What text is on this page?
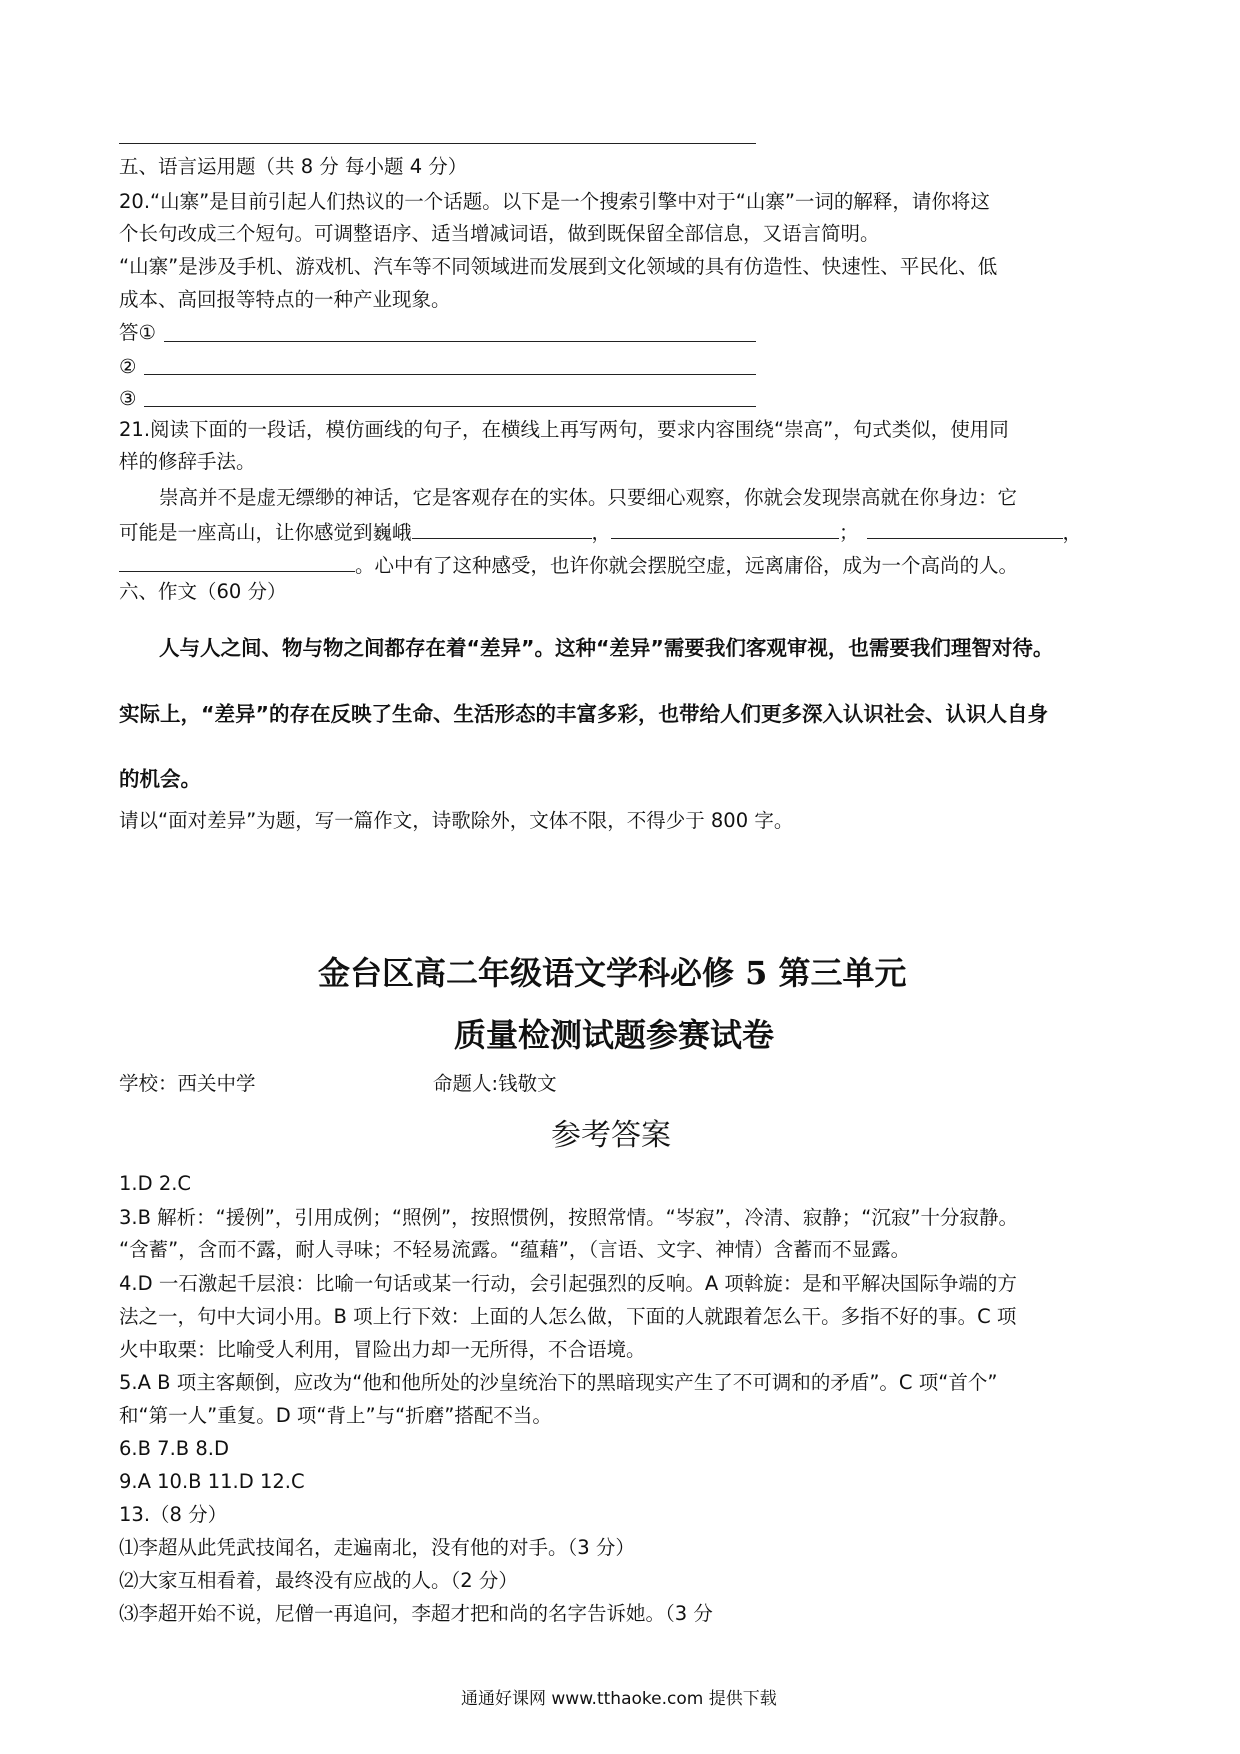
五、语言运用题（共 8 分 每小题 4 分）
20.“山寨”是目前引起人们热议的一个话题。以下是一个搜索引擎中对于“山寨”一词的解释，请你将这
个长句改成三个短句。可调整语序、适当增减词语，做到既保留全部信息，又语言简明。
“山寨”是涉及手机、游戏机、汽车等不同领域进而发展到文化领域的具有仿造性、快速性、平民化、低
成本、高回报等特点的一种产业现象。
答①
②
③
21.阅读下面的一段话，模仿画线的句子，在横线上再写两句，要求内容围绕“崇高”，句式类似，使用同
样的修辞手法。
崇高并不是虚无缥缈的神话，它是客观存在的实体。只要细心观察，你就会发现崇高就在你身边：它
可能是一座高山，让你感觉到巍峨	，	；	，
。心中有了这种感受，也许你就会摆脱空虚，远离庸俗，成为一个高尚的人。
六、作文（60 分）
人与人之间、物与物之间都存在着“差异”。这种“差异”需要我们客观审视，也需要我们理智对待。
实际上，“差异”的存在反映了生命、生活形态的丰富多彩，也带给人们更多深入认识社会、认识人自身
的机会。
请以“面对差异”为题，写一篇作文，诗歌除外，文体不限，不得少于 800 字。
金台区高二年级语文学科必修 5 第三单元
质量检测试题参赛试卷
学校：西关中学	命题人:钱敬文
参考答案
1.D 2.C
3.B 解析：“援例”，引用成例；“照例”，按照惯例，按照常情。“岑寂”，冷清、寂静；“沉寂”十分寂静。
“含蓄”，含而不露，耐人寻味；不轻易流露。“蕴藉”，（言语、文字、神情）含蓄而不显露。
4.D 一石激起千层浪：比喻一句话或某一行动，会引起强烈的反响。A 项斡旋：是和平解决国际争端的方
法之一，句中大词小用。B 项上行下效：上面的人怎么做，下面的人就跟着怎么干。多指不好的事。C 项
火中取栗：比喻受人利用，冒险出力却一无所得，不合语境。
5.A B 项主客颠倒，应改为“他和他所处的沙皇统治下的黑暗现实产生了不可调和的矛盾”。C 项“首个”
和“第一人”重复。D 项“背上”与“折磨”搭配不当。
6.B 7.B 8.D
9.A 10.B 11.D 12.C
13.（8 分）
⑴李超从此凭武技闻名，走遍南北，没有他的对手。（3 分）
⑵大家互相看着，最终没有应战的人。（2 分）
⑶李超开始不说，尼僧一再追问，李超才把和尚的名字告诉她。（3 分
通通好课网 www.tthaoke.com 提供下载
